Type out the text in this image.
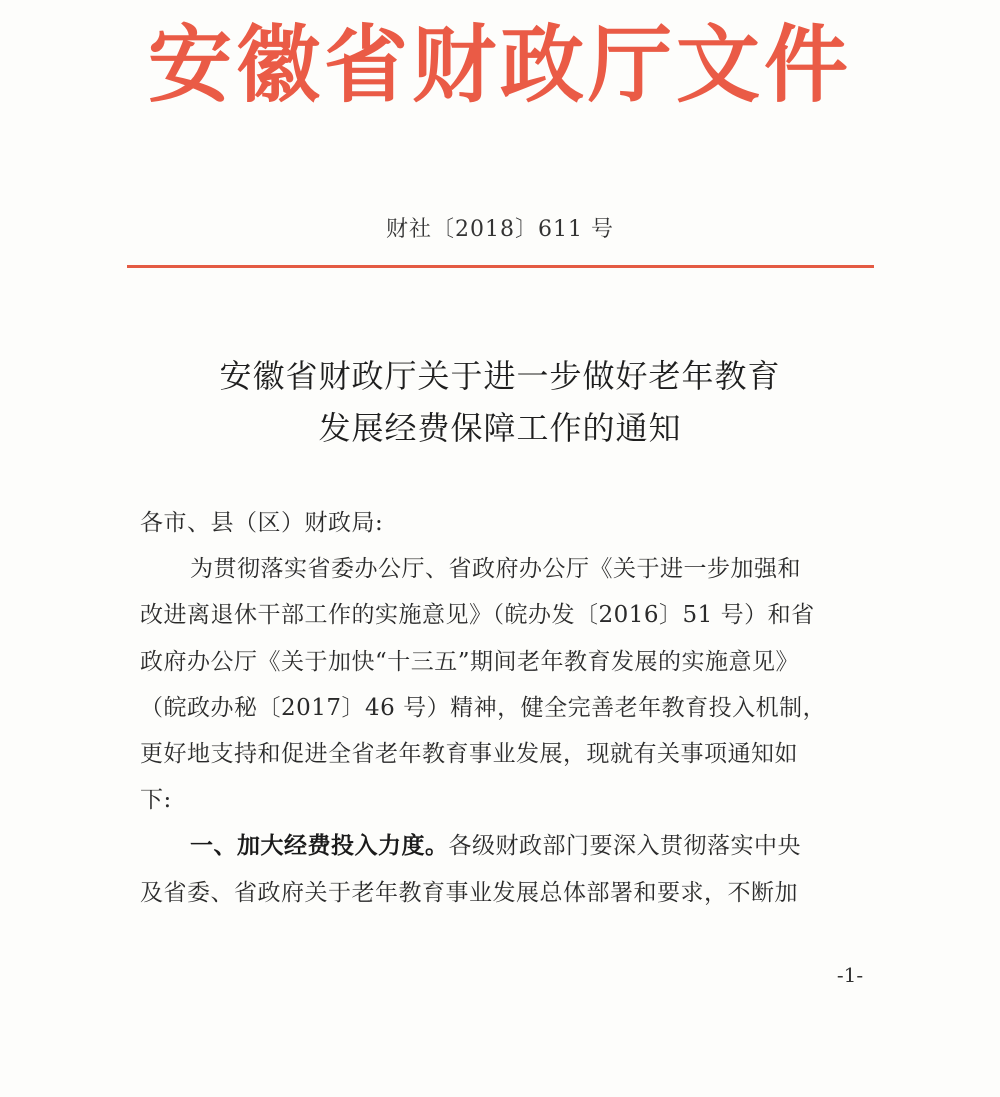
安徽省财政厅文件
财社〔2018〕611 号
安徽省财政厅关于进一步做好老年教育
发展经费保障工作的通知
各市、县（区）财政局:
为贯彻落实省委办公厅、省政府办公厅《关于进一步加强和
改进离退休干部工作的实施意见》（皖办发〔2016〕51 号）和省
政府办公厅《关于加快“十三五”期间老年教育发展的实施意见》
（皖政办秘〔2017〕46 号）精神，健全完善老年教育投入机制，
更好地支持和促进全省老年教育事业发展，现就有关事项通知如
下:
一、加大经费投入力度。各级财政部门要深入贯彻落实中央
及省委、省政府关于老年教育事业发展总体部署和要求，不断加
-1-
